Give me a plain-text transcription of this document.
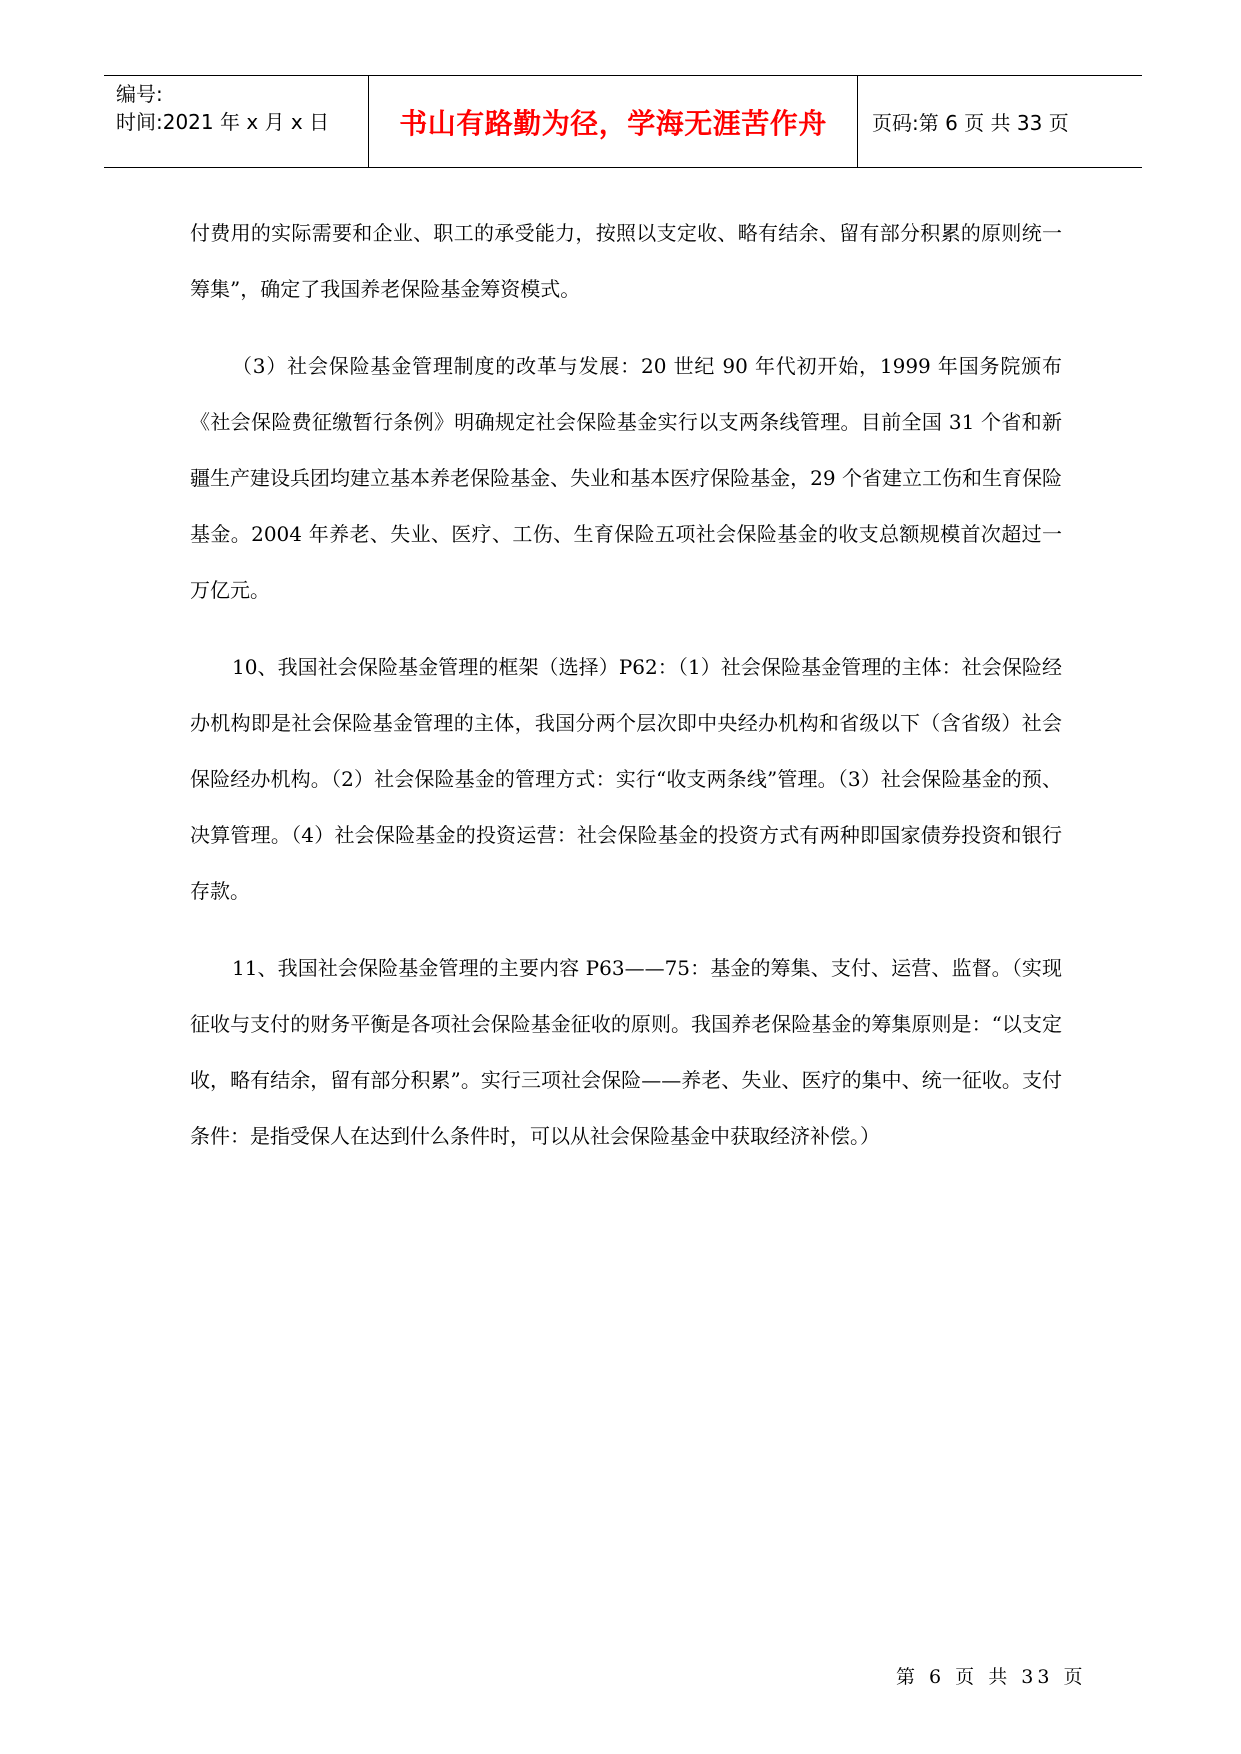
编号:
时间:2021 年 x 月 x 日	书山有路勤为径，学海无涯苦作舟	页码:第 6 页 共 33 页

付费用的实际需要和企业、职工的承受能力，按照以支定收、略有结余、留有部分积累的原则统一筹集”，确定了我国养老保险基金筹资模式。

（3）社会保险基金管理制度的改革与发展：20 世纪 90 年代初开始，1999 年国务院颁布《社会保险费征缴暂行条例》明确规定社会保险基金实行以支两条线管理。目前全国 31 个省和新疆生产建设兵团均建立基本养老保险基金、失业和基本医疗保险基金，29 个省建立工伤和生育保险基金。2004 年养老、失业、医疗、工伤、生育保险五项社会保险基金的收支总额规模首次超过一万亿元。

10、我国社会保险基金管理的框架（选择）P62：（1）社会保险基金管理的主体：社会保险经办机构即是社会保险基金管理的主体，我国分两个层次即中央经办机构和省级以下（含省级）社会保险经办机构。（2）社会保险基金的管理方式：实行“收支两条线”管理。（3）社会保险基金的预、决算管理。（4）社会保险基金的投资运营：社会保险基金的投资方式有两种即国家债券投资和银行存款。

11、我国社会保险基金管理的主要内容 P63——75：基金的筹集、支付、运营、监督。（实现征收与支付的财务平衡是各项社会保险基金征收的原则。我国养老保险基金的筹集原则是：“以支定收，略有结余，留有部分积累”。实行三项社会保险——养老、失业、医疗的集中、统一征收。支付条件：是指受保人在达到什么条件时，可以从社会保险基金中获取经济补偿。）

第 6 页 共 33 页
